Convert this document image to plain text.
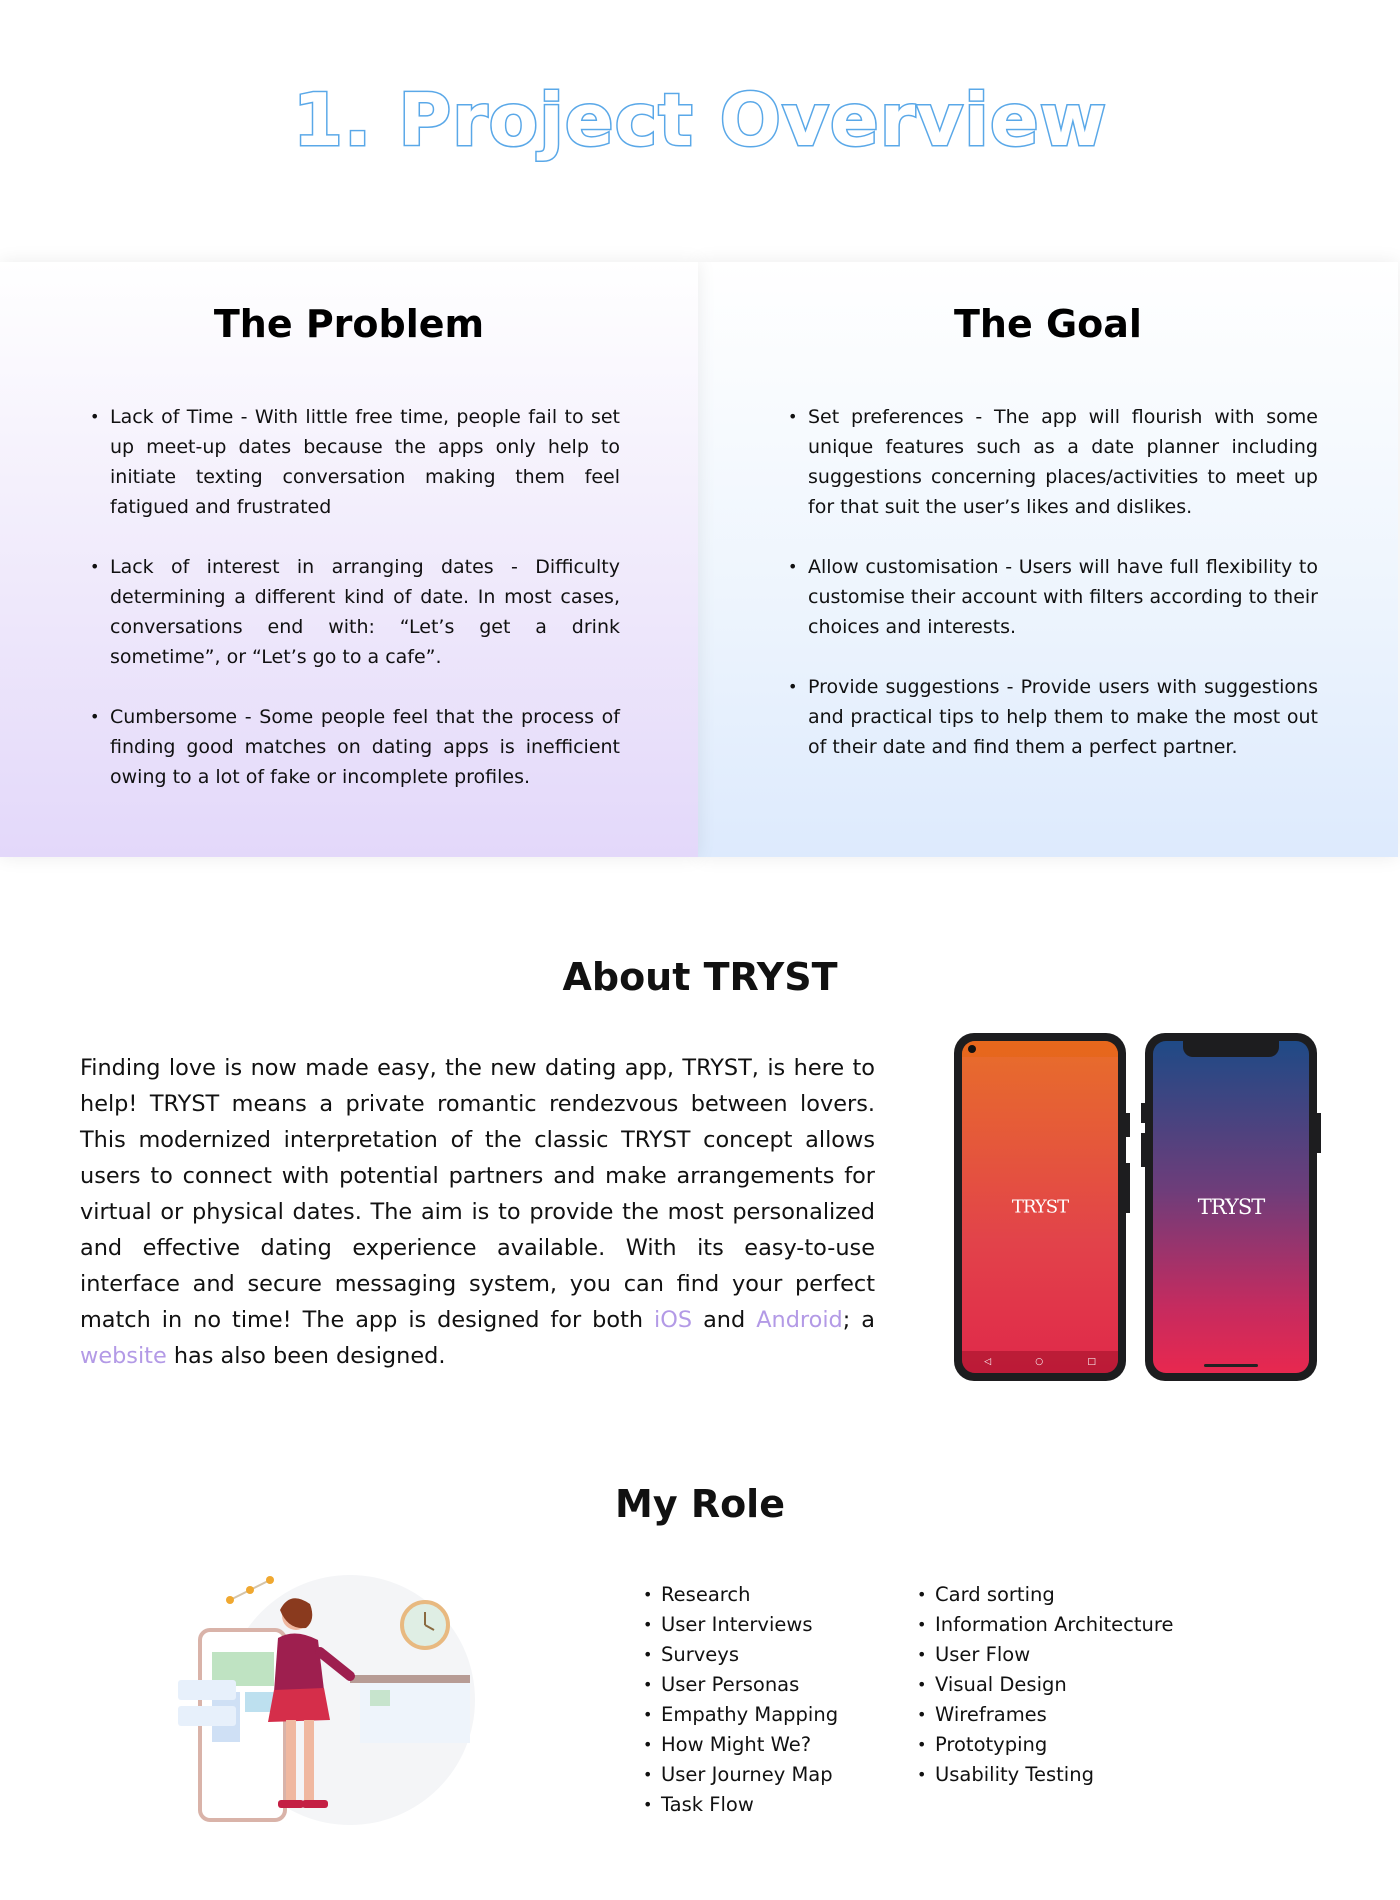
1. Project Overview
The Problem
• Lack of Time - With little free time, people fail to set up meet-up dates because the apps only help to initiate texting conversation making them feel fatigued and frustrated
• Lack of interest in arranging dates - Difficulty determining a different kind of date. In most cases, conversations end with: “Let’s get a drink sometime”, or “Let’s go to a cafe”.
• Cumbersome - Some people feel that the process of finding good matches on dating apps is inefficient owing to a lot of fake or incomplete profiles.
The Goal
• Set preferences - The app will flourish with some unique features such as a date planner including suggestions concerning places/activities to meet up for that suit the user’s likes and dislikes.
• Allow customisation - Users will have full flexibility to customise their account with filters according to their choices and interests.
• Provide suggestions - Provide users with suggestions and practical tips to help them to make the most out of their date and find them a perfect partner.
About TRYST

Finding love is now made easy, the new dating app, TRYST, is here to help! TRYST means a private romantic rendezvous between lovers. This modernized interpretation of the classic TRYST concept allows users to connect with potential partners and make arrangements for virtual or physical dates. The aim is to provide the most personalized and effective dating experience available. With its easy-to-use interface and secure messaging system, you can find your perfect match in no time! The app is designed for both iOS and Android; a website has also been designed.

TRYST
◁	○	□
TRYST
My Role
• Research
• User Interviews
• Surveys
• User Personas
• Empathy Mapping
• How Might We?
• User Journey Map
• Task Flow
• Card sorting
• Information Architecture
• User Flow
• Visual Design
• Wireframes
• Prototyping
• Usability Testing
